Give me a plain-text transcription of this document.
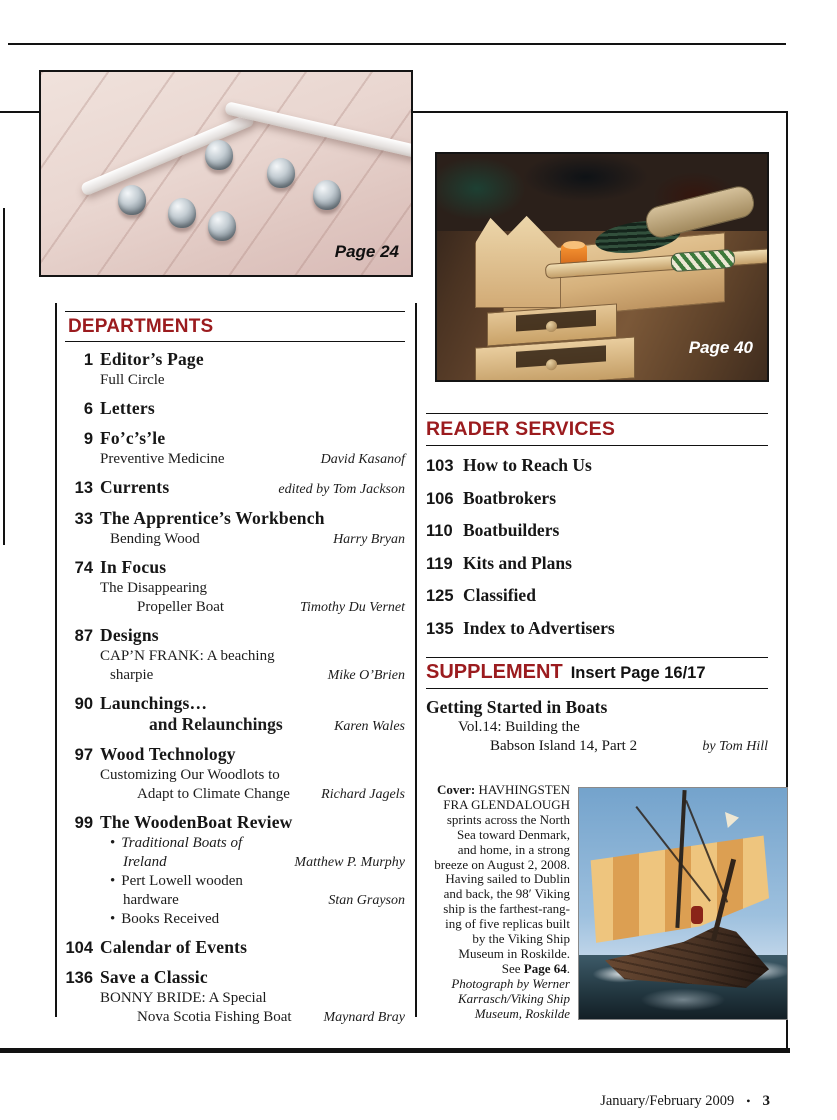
Page 24
Page 40
DEPARTMENTS
1 Editor’s Page
Full Circle
6 Letters
9 Fo’c’s’le
Preventive Medicine	David Kasanof
13 Currents	edited by Tom Jackson
33 The Apprentice’s Workbench
Bending Wood	Harry Bryan
74 In Focus
The Disappearing
Propeller Boat	Timothy Du Vernet
87 Designs
CAP’N FRANK: A beaching
sharpie	Mike O’Brien
90 Launchings…
and Relaunchings	Karen Wales
97 Wood Technology
Customizing Our Woodlots to
Adapt to Climate Change	Richard Jagels
99 The WoodenBoat Review
• Traditional Boats of
Ireland	Matthew P. Murphy
• Pert Lowell wooden
hardware	Stan Grayson
• Books Received
104 Calendar of Events
136 Save a Classic
BONNY BRIDE: A Special
Nova Scotia Fishing Boat	Maynard Bray
READER SERVICES
103 How to Reach Us
106 Boatbrokers
110 Boatbuilders
119 Kits and Plans
125 Classified
135 Index to Advertisers
SUPPLEMENT Insert Page 16/17
Getting Started in Boats
Vol.14: Building the
Babson Island 14, Part 2	by Tom Hill
Cover: HAVHINGSTEN
FRA GLENDALOUGH
sprints across the North
Sea toward Denmark,
and home, in a strong
breeze on August 2, 2008.
Having sailed to Dublin
and back, the 98′ Viking
ship is the farthest-rang-
ing of five replicas built
by the Viking Ship
Museum in Roskilde.
See Page 64.
Photograph by Werner
Karrasch/Viking Ship
Museum, Roskilde
January/February 2009 • 3
